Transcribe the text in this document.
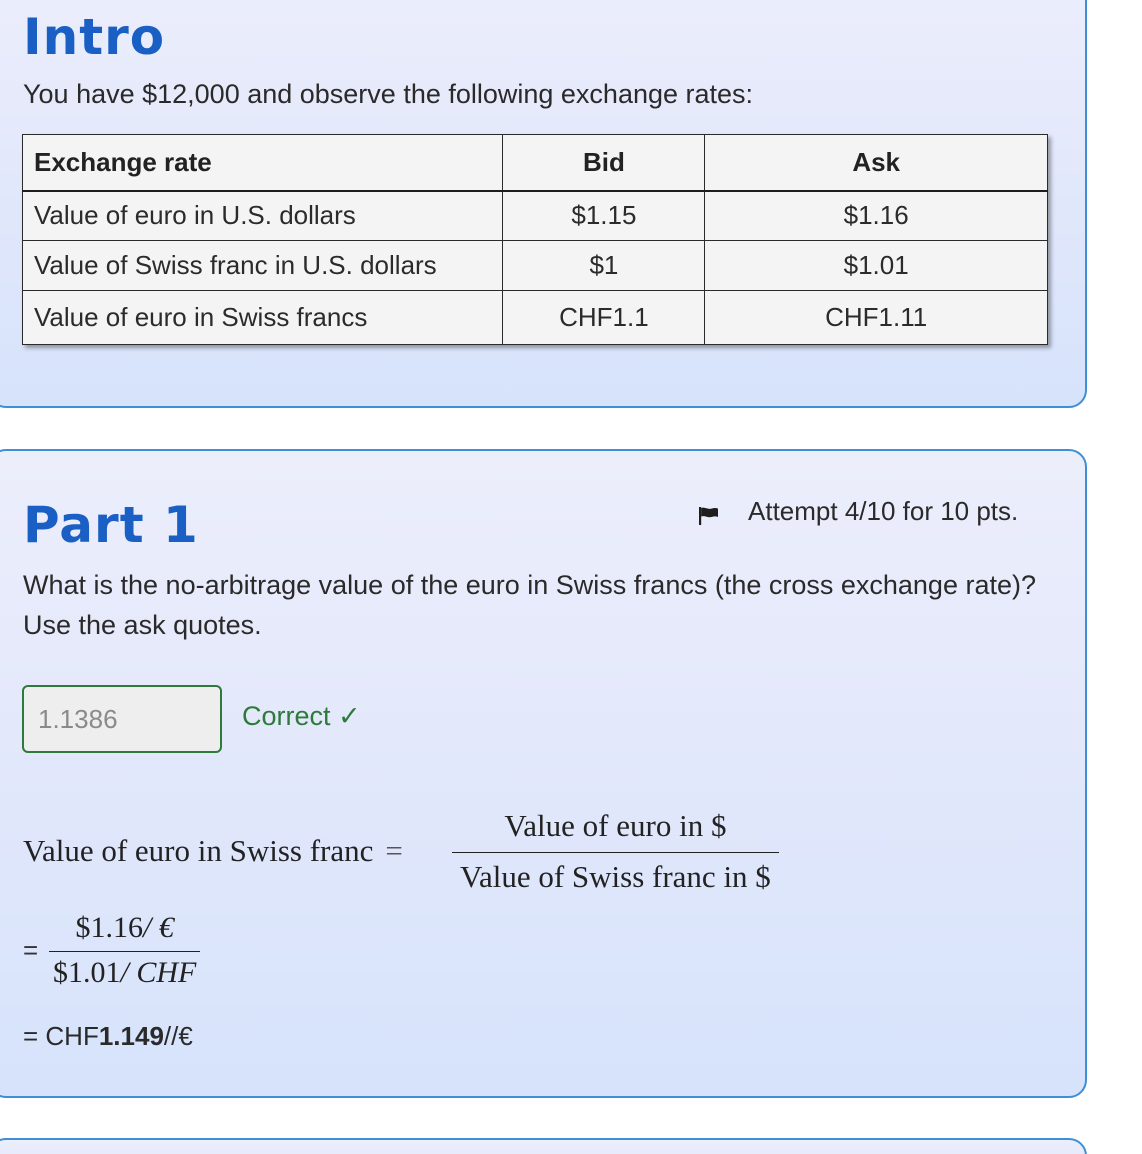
Intro

You have $12,000 and observe the following exchange rates:

Exchange rate	Bid	Ask
Value of euro in U.S. dollars	$1.15	$1.16
Value of Swiss franc in U.S. dollars	$1	$1.01
Value of euro in Swiss francs	CHF1.1	CHF1.11
Part 1	Attempt 4/10 for 10 pts.

What is the no-arbitrage value of the euro in Swiss francs (the cross exchange rate)? Use the ask quotes.

1.1386
Correct ✓
Value of euro in Swiss franc =
Value of euro in $
Value of Swiss franc in $
=
$1.16/ €
$1.01/ CHF
= CHF1.149//€
